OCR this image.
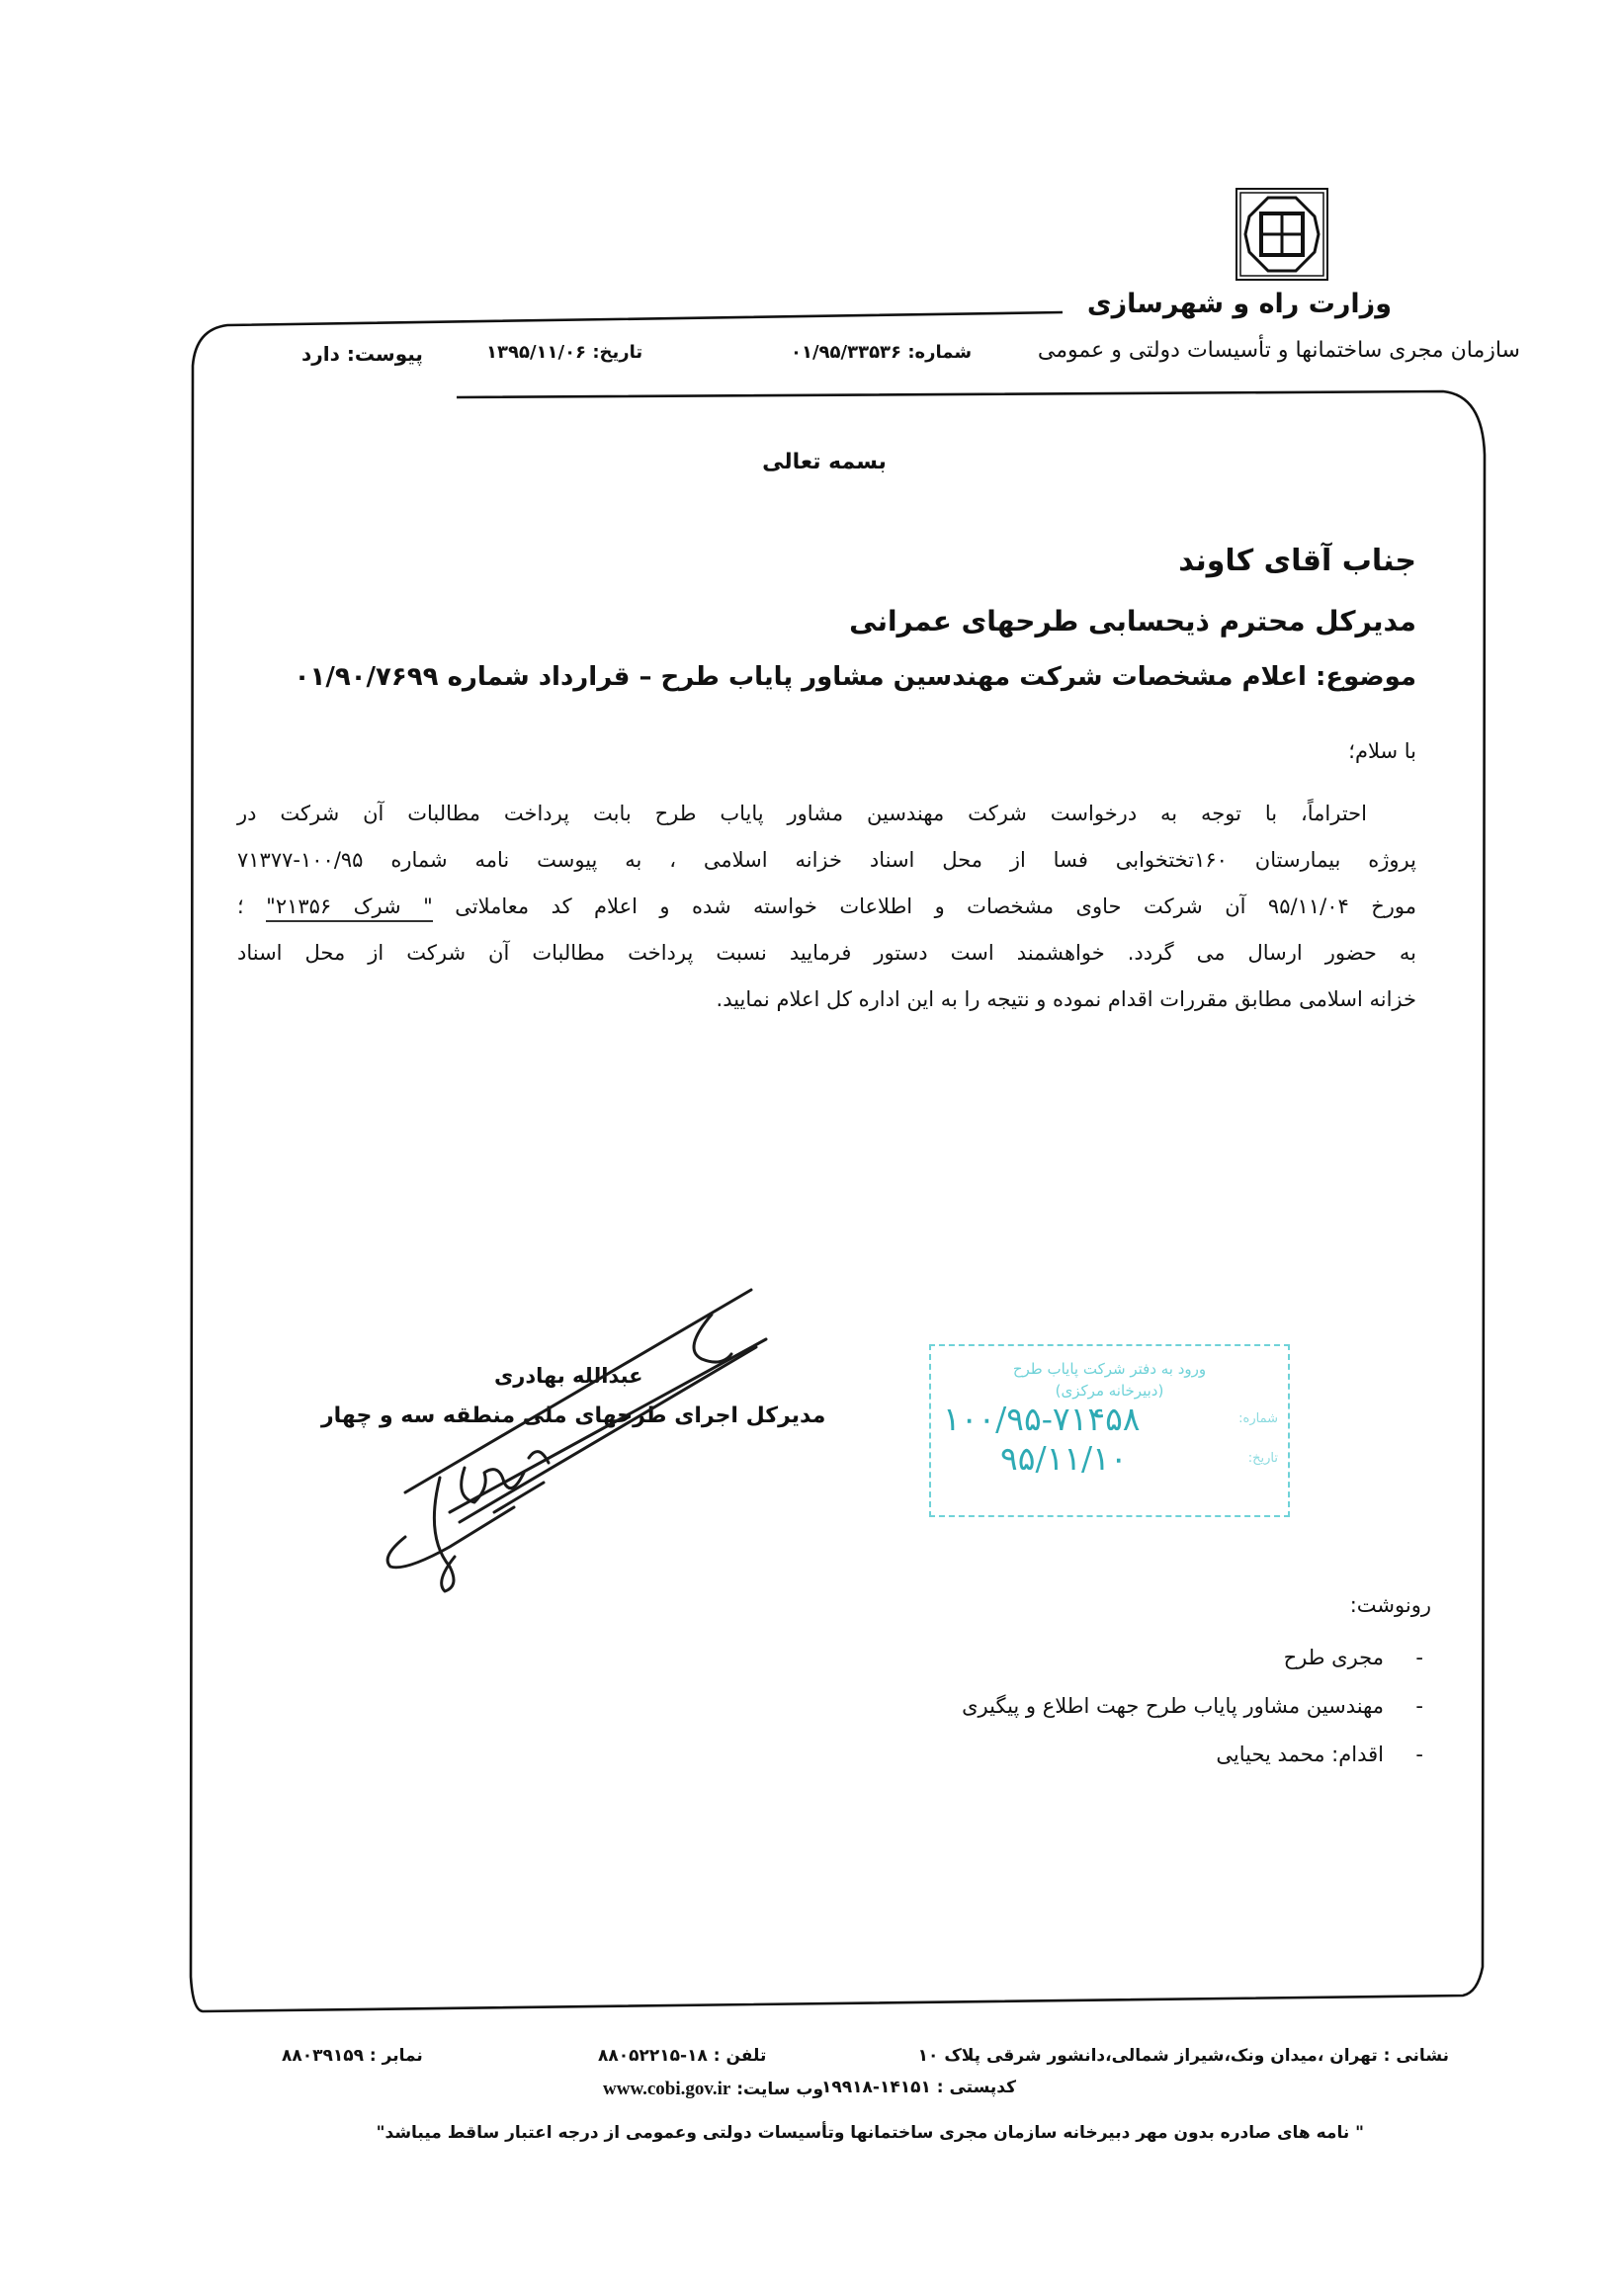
وزارت راه و شهرسازی
سازمان مجری ساختمانها و تأسیسات دولتی و عمومی
شماره: ۰۱/۹۵/۳۳۵۳۶
تاریخ: ۱۳۹۵/۱۱/۰۶
پیوست: دارد
بسمه تعالی
جناب آقای کاوند
مدیرکل محترم ذیحسابی طرحهای عمرانی
موضوع: اعلام مشخصات شرکت مهندسین مشاور پایاب طرح – قرارداد شماره ۰۱/۹۰/۷۶۹۹
با سلام؛
احتراماً، با توجه به درخواست شرکت مهندسین مشاور پایاب طرح بابت پرداخت مطالبات آن شرکت در
پروژه بیمارستان ۱۶۰تختخوابی فسا از محل اسناد خزانه اسلامی ، به پیوست نامه شماره ۱۰۰/۹۵-۷۱۳۷۷
مورخ ۹۵/۱۱/۰۴ آن شرکت حاوی مشخصات و اطلاعات خواسته شده و اعلام کد معاملاتی " شرک ۲۱۳۵۶" ؛
به حضور ارسال می گردد. خواهشمند است دستور فرمایید نسبت پرداخت مطالبات آن شرکت از محل اسناد
خزانه اسلامی مطابق مقررات اقدام نموده و نتیجه را به این اداره کل اعلام نمایید.
عبدالله بهادری
مدیرکل اجرای طرحهای ملی منطقه سه و چهار
ورود به دفتر شرکت پایاب طرح
(دبیرخانه مرکزی)
شماره:
۱۰۰/۹۵-۷۱۴۵۸
تاریخ:
۹۵/۱۱/۱۰
رونوشت:
-
مجری طرح
-
مهندسین مشاور پایاب طرح جهت اطلاع و پیگیری
-
اقدام: محمد یحیایی
نشانی : تهران ،میدان ونک،شیراز شمالی،دانشور شرقی پلاک ۱۰
کدپستی : ۱۴۱۵۱-۱۹۹۱۸
تلفن : ۱۸-۸۸۰۵۲۲۱۵
نمابر : ۸۸۰۳۹۱۵۹
وب سایت: www.cobi.gov.ir
" نامه های صادره بدون مهر دبیرخانه سازمان مجری ساختمانها وتأسیسات دولتی وعمومی از درجه اعتبار ساقط میباشد"
